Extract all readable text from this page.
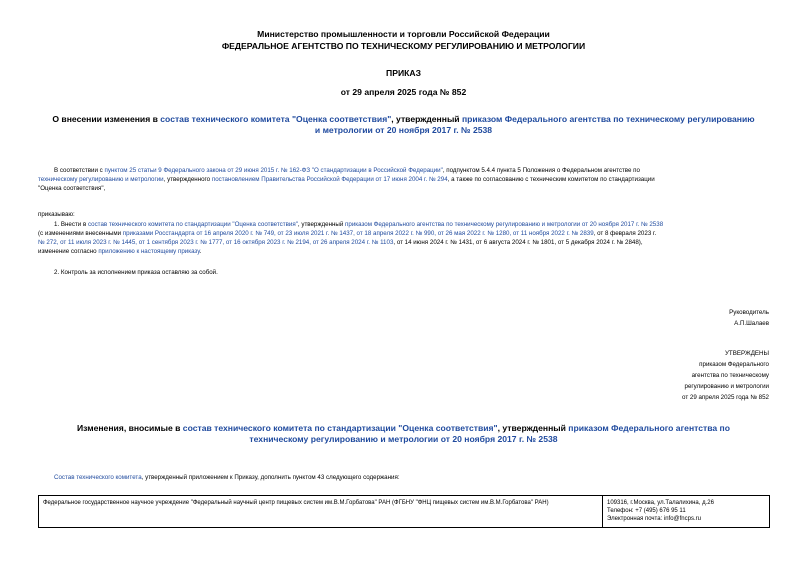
Министерство промышленности и торговли Российской Федерации
ФЕДЕРАЛЬНОЕ АГЕНТСТВО ПО ТЕХНИЧЕСКОМУ РЕГУЛИРОВАНИЮ И МЕТРОЛОГИИ
ПРИКАЗ
от 29 апреля 2025 года № 852
О внесении изменения в состав технического комитета "Оценка соответствия", утвержденный приказом Федерального агентства по техническому регулированию
и метрологии от 20 ноября 2017 г. № 2538
В соответствии с пунктом 25 статьи 9 Федерального закона от 29 июня 2015 г. № 162-ФЗ "О стандартизации в Российской Федерации", подпунктом 5.4.4 пункта 5 Положения о Федеральном агентстве по
техническому регулированию и метрологии, утвержденного постановлением Правительства Российской Федерации от 17 июня 2004 г. № 294, а также по согласованию с техническим комитетом по стандартизации
"Оценка соответствия",
приказываю:
1. Внести в состав технического комитета по стандартизации "Оценка соответствия", утвержденный приказом Федерального агентства по техническому регулированию и метрологии от 20 ноября 2017 г. № 2538
(с изменениями внесенными приказами Росстандарта от 16 апреля 2020 г. № 749, от 23 июля 2021 г. № 1437, от 18 апреля 2022 г. № 990, от 26 мая 2022 г. № 1280, от 11 ноября 2022 г. № 2839, от 8 февраля 2023 г.
№ 272, от 11 июля 2023 г. № 1445, от 1 сентября 2023 г. № 1777, от 16 октября 2023 г. № 2194, от 26 апреля 2024 г. № 1103, от 14 июня 2024 г. № 1431, от 6 августа 2024 г. № 1801, от 5 декабря 2024 г. № 2848),
изменение согласно приложению к настоящему приказу.
2. Контроль за исполнением приказа оставляю за собой.
Руководитель
А.П.Шалаев
УТВЕРЖДЕНЫ
приказом Федерального
агентства по техническому
регулированию и метрологии
от 29 апреля 2025 года № 852
Изменения, вносимые в состав технического комитета по стандартизации "Оценка соответствия", утвержденный приказом Федерального агентства по
техническому регулированию и метрологии от 20 ноября 2017 г. № 2538
Состав технического комитета, утвержденный приложением к Приказу, дополнить пунктом 43 следующего содержания:
Федеральное государственное научное учреждение "Федеральный научный центр пищевых систем им.В.М.Горбатова" РАН (ФГБНУ "ФНЦ пищевых систем им.В.М.Горбатова" РАН)	109316, г.Москва, ул.Талалихина, д.26
Телефон: +7 (495) 676 95 11
Электронная почта: info@fncps.ru
